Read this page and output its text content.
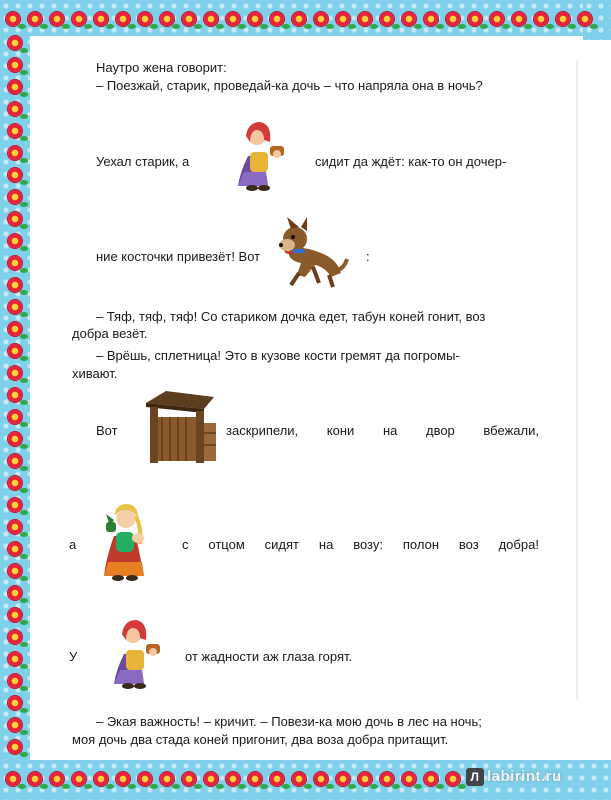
Наутро жена говорит:
– Поезжай, старик, проведай-ка дочь – что напряла она в ночь?
Уехал старик, а	сидит да ждёт: как-то он дочер-
ние косточки привезёт! Вот	:
– Тяф, тяф, тяф! Со стариком дочка едет, табун коней гонит, воз
добра везёт.
– Врёшь, сплетница! Это в кузове кости гремят да погромы-
хивают.
Вот	заскрипели, кони на двор вбежали,
а	с отцом сидят на возу: полон воз добра!
У	от жадности аж глаза горят.
– Экая важность! – кричит. – Повези-ка мою дочь в лес на ночь;
моя дочь два стада коней пригонит, два воза добра притащит.
Л labirint.ru
